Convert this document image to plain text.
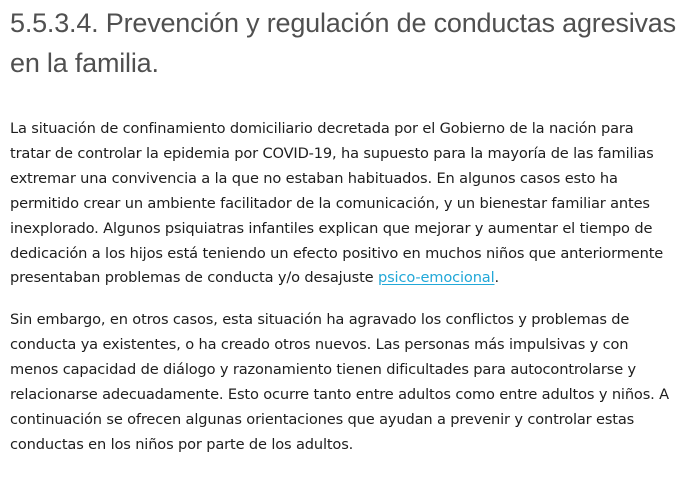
5.5.3.4. Prevención y regulación de conductas agresivas en la familia.

La situación de confinamiento domiciliario decretada por el Gobierno de la nación para tratar de controlar la epidemia por COVID-19, ha supuesto para la mayoría de las familias extremar una convivencia a la que no estaban habituados. En algunos casos esto ha permitido crear un ambiente facilitador de la comunicación, y un bienestar familiar antes inexplorado. Algunos psiquiatras infantiles explican que mejorar y aumentar el tiempo de dedicación a los hijos está teniendo un efecto positivo en muchos niños que anteriormente presentaban problemas de conducta y/o desajuste psico-emocional.

Sin embargo, en otros casos, esta situación ha agravado los conflictos y problemas de conducta ya existentes, o ha creado otros nuevos. Las personas más impulsivas y con menos capacidad de diálogo y razonamiento tienen dificultades para autocontrolarse y relacionarse adecuadamente. Esto ocurre tanto entre adultos como entre adultos y niños. A continuación se ofrecen algunas orientaciones que ayudan a prevenir y controlar estas conductas en los niños por parte de los adultos.
